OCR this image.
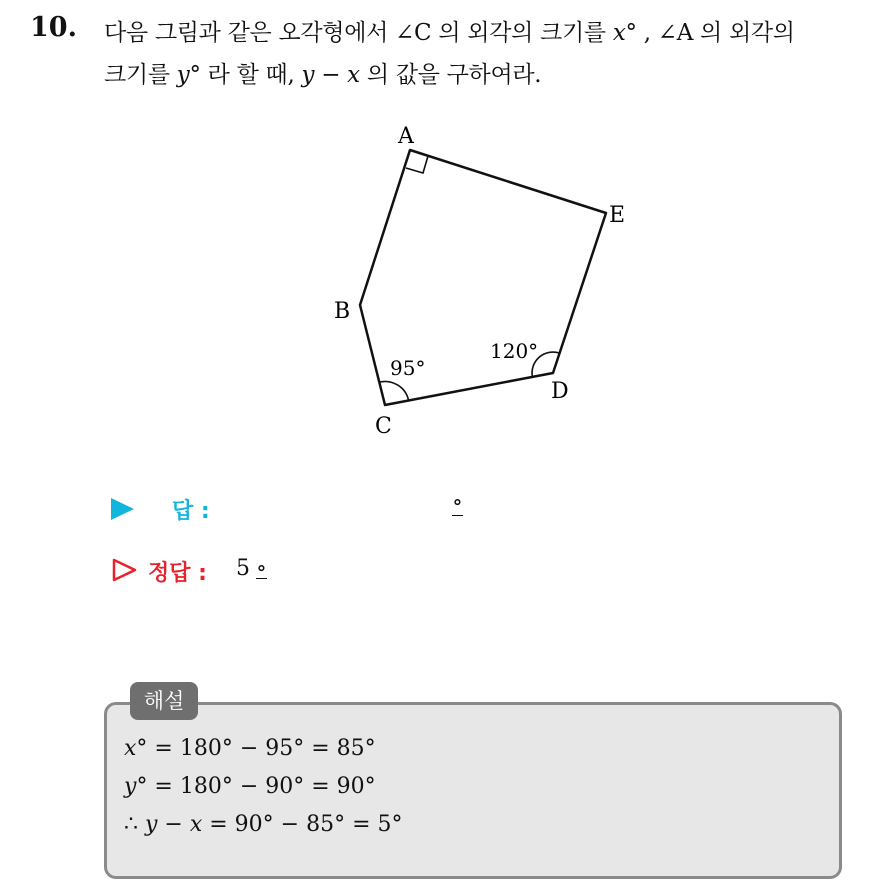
10. 다음 그림과 같은 오각형에서 ∠C 의 외각의 크기를 x° , ∠A 의 외각의
크기를 y° 라 할 때, y − x 의 값을 구하여라.
A
B
C
D
E
95°
120°
답 :	∘
정답 : 5 ∘
해설
x° = 180° − 95° = 85°
y° = 180° − 90° = 90°
∴ y − x = 90° − 85° = 5°
